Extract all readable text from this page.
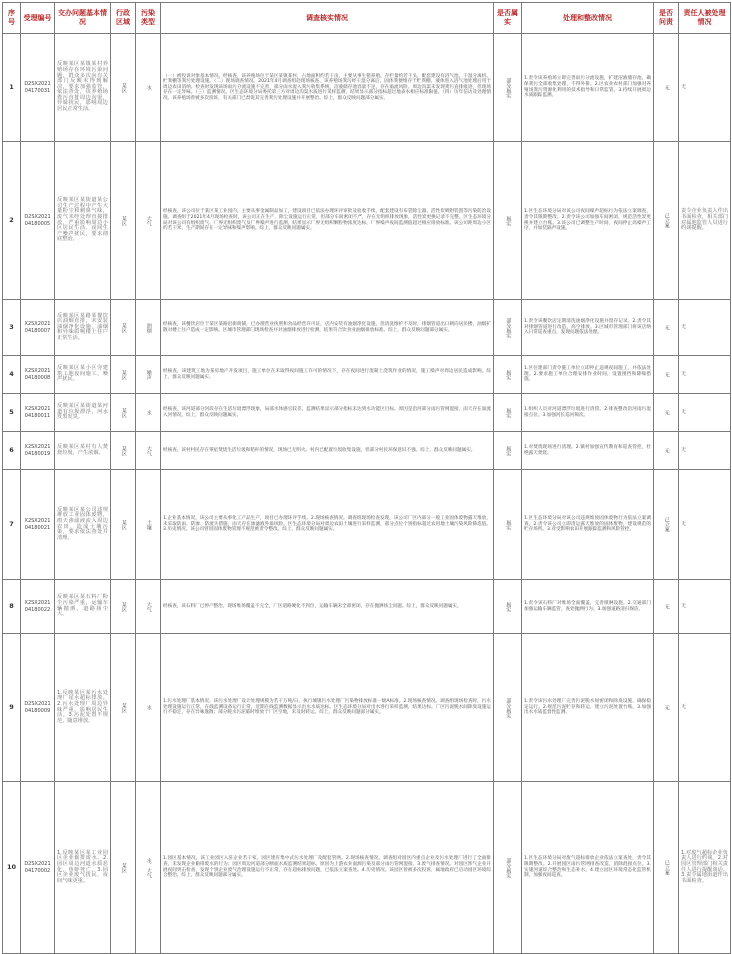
序号	受理编号	交办问题基本情况	行政区域	污染类型	调查核实情况	是否属实	处理和整改情况	是否问责	责任人被处理情况
1	D2SX202104170031	反映某区某镇某村养殖场存在环境污染问题，群众多次向有关部门反映未得到解决，要求加强监管，依法查处，该养殖场粪污直排周边沟渠，异味扰民，影响周边居民正常生活。	某区	水	（一）被投诉对象基本情况。经核查，该养殖场位于某区某镇某村，占地面积约若干亩，主要从事生猪养殖，存栏量约若干头，配套建设有沼气池、干湿分离机、贮粪棚等粪污处理设施。（二）现场调查情况。2021年4月调查组赴现场核查，该养殖场粪污经干湿分离后，固体粪便堆存于贮粪棚，液体进入沼气池处理后用于周边农田消纳。检查时发现该场雨污分流设施不完善，部分雨水混入粪污收集系统，沼液储存池容量不足，存在溢流风险。周边沟渠未发现粪污直排痕迹，但现场存在一定异味。（三）监测情况。区生态环境分局委托第三方对周边沟渠水质进行采样监测，结果显示部分指标超过地表水相应标准限值。（四）历年信访及处理情况。该养殖场曾被多次投诉，有关部门已督促其完善粪污处理设施并开展整治。综上，群众反映问题部分属实。	部分属实	1.责令该养殖场立即完善雨污分流设施，扩建沼液储存池，确保粪污全部收集处理，不得外排。2.区农业农村部门加强对养殖场粪污资源化利用的技术指导和日常监管。3.持续开展周边水质跟踪监测。	无	无
2	D2SX202104180005	反映某区某街道某公司生产过程中产生大量粉尘和刺鼻气味，废气未经处理直接排放，严重影响周边小区居民生活，夜间生产噪声扰民，要求彻底整治。	某区	大气	经核查，该公司位于某区某工业园内，主要从事金属制品加工，建设项目已依法办理环评审批及验收手续，配套建设有布袋除尘器、活性炭吸附装置等污染防治设施。调查组于2021年4月现场检查时，该公司正在生产，除尘设施运行正常，但部分车间密闭不严，存在无组织排放现象，活性炭更换记录不完整。区生态环境分局对该公司有组织废气、厂界无组织废气及厂界噪声进行监测，结果显示厂界无组织颗粒物浓度达标，厂界噪声夜间监测值超过相应排放标准。该公司距周边小区约若干米，生产期间存在一定异味和噪声影响。综上，群众反映问题属实。	属实	1.区生态环境分局对该公司夜间噪声超标行为依法立案调查，责令其限期整改。2.责令该公司加强车间密闭，规范活性炭更换并建立台账。3.该公司已调整生产时间，夜间停止高噪声工序，并加装隔声设施。	已立案	责令企业负责人作出书面检查，相关部门对属地监管人员进行约谈提醒。
3	X2SX202104180007	反映某区某路某餐饮店油烟直排，未安装油烟净化设施，油烟和异味影响楼上住户正常生活。	某区	油烟	经核查，该餐饮店位于某区某路沿街商铺，已办理营业执照和食品经营许可证，店内安装有油烟净化设施，但清洗维护不及时，排烟管道出口朝向居民楼，油烟扩散对楼上住户造成一定影响。区城市管理部门现场检查并对油烟排放进行检测，结果符合饮食业油烟排放标准。综上，群众反映问题部分属实。	部分属实	1.责令该餐饮店定期清洗油烟净化设施并留存记录。2.责令其对排烟管道进行改造，高空排放。3.区城市管理部门将该店纳入日常巡查重点，发现问题依法处理。	无	无
4	X2SX202104180008	反映某区某小区旁建筑工地夜间施工，噪声扰民。	某区	噪声	经核查，该建筑工地为某房地产开发项目，施工单位在未取得夜间施工许可的情况下，存在夜间进行混凝土浇筑作业的情况，施工噪声对周边居民造成影响。综上，群众反映问题属实。	属实	1.区住建部门责令施工单位立即停止违规夜间施工，并依法处理。2.要求施工单位合理安排作业时间，设置围挡和降噪措施。	无	无
5	X2SX202104180011	反映某区某街道某河道有垃圾漂浮，河水发黑发臭。	某区	水	经核查，该河道部分河段存在生活垃圾漂浮现象，局部水体感官较差。监测结果显示部分指标未达到水功能区目标。原因是沿河部分雨污管网混接，雨天存在溢流入河情况。综上，群众反映问题属实。	属实	1.组织人员对河道漂浮垃圾进行清捞。2.排查整改沿河雨污混接点位。3.加强河长巡河频次。	无	无
6	X2SX202104180019	反映某区某村有人焚烧垃圾，产生浓烟。	某区	大气	经核查，该村村民存在零星焚烧生活垃圾和秸秆的情况，现场已无明火。村内已配置垃圾收集设施，但部分村民环保意识不强。综上，群众反映问题属实。	属实	1.对焚烧现场进行清理。2.镇村加强宣传教育和巡查管控，杜绝露天焚烧。	无	无
7	X2SX202104180021	反映某区某公司违规堆放工业固体废物，雨天渗滤液流入周边农田，造成土壤污染，要求依法查处并清理。	某区	土壤	1.企业基本情况。该公司主要从事化工产品生产，项目已办理环评手续。2.现场核查情况。调查组现场检查发现，该公司厂区内部分一般工业固体废物露天堆放，未采取防雨、防渗、防流失措施，雨天存在渗滤液外溢风险。区生态环境分局对周边农田土壤进行采样监测，部分点位个别指标超过农用地土壤污染风险筛选值。3.历史情况。该公司曾因固体废物管理不规范被责令整改。综上，群众反映问题属实。	属实	1.区生态环境分局对该公司违规堆放固体废物行为依法立案调查。2.责令该公司立即清运露天堆放的固体废物，建设规范的贮存场所。3.对受影响农田开展跟踪监测和风险管控。	已立案	无
8	X2SX202104180022	反映某区某石料厂粉尘污染严重，运输车辆抛洒，道路扬尘大。	某区	大气	经核查，该石料厂已停产整治，现场堆场覆盖不完全，厂区道路硬化不到位，运输车辆未全部密闭，存在抛洒扬尘问题。综上，群众反映问题属实。	属实	1.责令该石料厂对堆场全面覆盖，完善喷淋设施。2.交通部门加强运输车辆监管，查处抛洒行为。3.加强道路清扫保洁。	无	无
9	D2SX202104180009	1.反映某区某污水处理厂尾水超标排放。2.污水处理厂周边异味严重，影响居民生活。3.污泥处置不规范，随意堆放。	某区	水	1.污水处理厂基本情况。该污水处理厂设计处理规模为若干万吨/日，执行城镇污水处理厂污染物排放标准一级A标准。2.现场核查情况。调查组现场检查时，污水处理设施运行正常，在线监测设备运行正常，近期在线监测数据显示出水水质达标。区生态环境分局对出水进行采样监测，结果达标。厂区污泥脱水间除臭设施运行不稳定，存在异味逸散；部分脱水污泥临时堆放于厂区空地，未及时转运。综上，群众反映问题部分属实。	部分属实	1.责令该污水处理厂完善污泥脱水间密闭和除臭设施，确保稳定运行。2.规范污泥贮存和转运，建立污泥处置台账。3.加强出水水质监督性监测。	无	无
10	D2SX202104170002	1.反映某区某工业园区企业偷排废水。2.园区周边河道水质恶化，鱼虾死亡。3.园区企业废气扰民，夜间气味更重。	某区	水、大气	1.园区基本情况。该工业园区入驻企业若干家，园区建有集中式污水处理厂及配套管网。2.现场核查情况。调查组对园区内重点企业及污水处理厂进行了全面排查，未发现企业偷排废水的行为；园区周边河道部分断面水质监测结果超标，原因为上游农业面源污染及部分雨污管网混接。3.废气排查情况。对园区涉气企业开展夜间突击检查，发现个别企业废气治理设施运行不正常，存在超标排放问题，已依法立案查处。4.历史情况。该园区曾被多次投诉，属地政府已启动园区环境综合整治。综上，群众反映问题部分属实。	部分属实	1.区生态环境分局对废气超标排放企业依法立案查处，责令其限期整改。2.开展园区雨污管网排查改造，消除混接点位。3.实施河道综合整治和生态补水。4.建立园区环境常态化监管机制，加强夜间巡查。	已立案	1.对废气超标企业负责人进行约谈。2.对园区管理部门相关责任人进行提醒谈话。3.责令属地街道作出书面检查。
